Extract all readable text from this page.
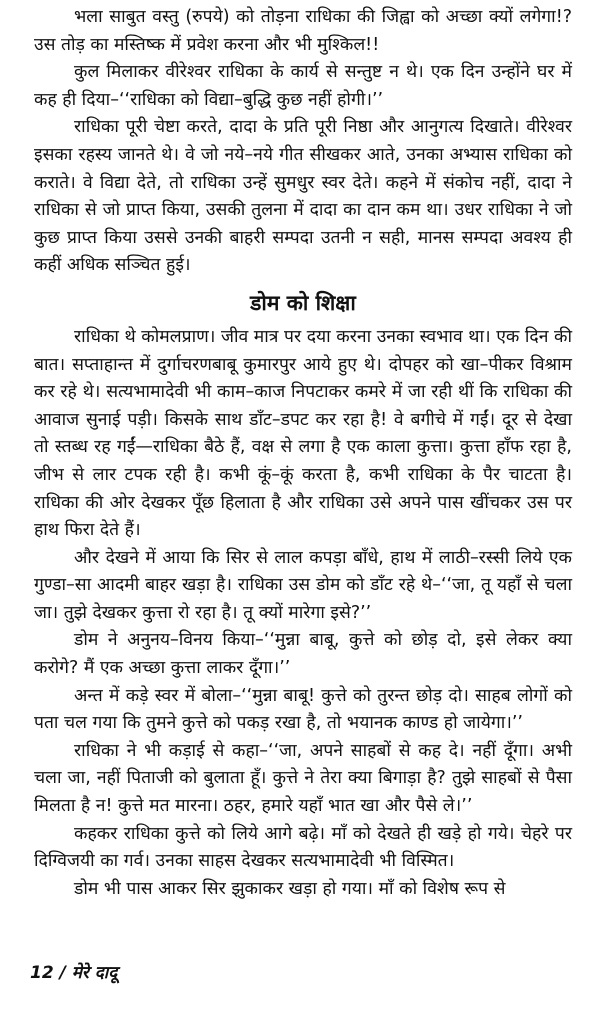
भला साबुत वस्तु (रुपये) को तोड़ना राधिका की जिह्वा को अच्छा क्यों लगेगा!? उस तोड़ का मस्तिष्क में प्रवेश करना और भी मुश्किल!!

कुल मिलाकर वीरेश्वर राधिका के कार्य से सन्तुष्ट न थे। एक दिन उन्होंने घर में कह ही दिया–‘‘राधिका को विद्या–बुद्धि कुछ नहीं होगी।’’

राधिका पूरी चेष्टा करते, दादा के प्रति पूरी निष्ठा और आनुगत्य दिखाते। वीरेश्वर इसका रहस्य जानते थे। वे जो नये–नये गीत सीखकर आते, उनका अभ्यास राधिका को कराते। वे विद्या देते, तो राधिका उन्हें सुमधुर स्वर देते। कहने में संकोच नहीं, दादा ने राधिका से जो प्राप्त किया, उसकी तुलना में दादा का दान कम था। उधर राधिका ने जो कुछ प्राप्त किया उससे उनकी बाहरी सम्पदा उतनी न सही, मानस सम्पदा अवश्य ही कहीं अधिक सञ्चित हुई।

डोम को शिक्षा

राधिका थे कोमलप्राण। जीव मात्र पर दया करना उनका स्वभाव था। एक दिन की बात। सप्ताहान्त में दुर्गाचरणबाबू कुमारपुर आये हुए थे। दोपहर को खा–पीकर विश्राम कर रहे थे। सत्यभामादेवी भी काम–काज निपटाकर कमरे में जा रही थीं कि राधिका की आवाज सुनाई पड़ी। किसके साथ डाँट–डपट कर रहा है! वे बगीचे में गईं। दूर से देखा तो स्तब्ध रह गईं—राधिका बैठे हैं, वक्ष से लगा है एक काला कुत्ता। कुत्ता हाँफ रहा है, जीभ से लार टपक रही है। कभी कूं–कूं करता है, कभी राधिका के पैर चाटता है। राधिका की ओर देखकर पूँछ हिलाता है और राधिका उसे अपने पास खींचकर उस पर हाथ फिरा देते हैं।

और देखने में आया कि सिर से लाल कपड़ा बाँधे, हाथ में लाठी–रस्सी लिये एक गुण्डा–सा आदमी बाहर खड़ा है। राधिका उस डोम को डाँट रहे थे–‘‘जा, तू यहाँ से चला जा। तुझे देखकर कुत्ता रो रहा है। तू क्यों मारेगा इसे?’’

डोम ने अनुनय–विनय किया–‘‘मुन्ना बाबू, कुत्ते को छोड़ दो, इसे लेकर क्या करोगे? मैं एक अच्छा कुत्ता लाकर दूँगा।’’

अन्त में कड़े स्वर में बोला–‘‘मुन्ना बाबू! कुत्ते को तुरन्त छोड़ दो। साहब लोगों को पता चल गया कि तुमने कुत्ते को पकड़ रखा है, तो भयानक काण्ड हो जायेगा।’’

राधिका ने भी कड़ाई से कहा–‘‘जा, अपने साहबों से कह दे। नहीं दूँगा। अभी चला जा, नहीं पिताजी को बुलाता हूँ। कुत्ते ने तेरा क्या बिगाड़ा है? तुझे साहबों से पैसा मिलता है न! कुत्ते मत मारना। ठहर, हमारे यहाँ भात खा और पैसे ले।’’

कहकर राधिका कुत्ते को लिये आगे बढ़े। माँ को देखते ही खड़े हो गये। चेहरे पर दिग्विजयी का गर्व। उनका साहस देखकर सत्यभामादेवी भी विस्मित।

डोम भी पास आकर सिर झुकाकर खड़ा हो गया। माँ को विशेष रूप से

12 / मेरे दादू
